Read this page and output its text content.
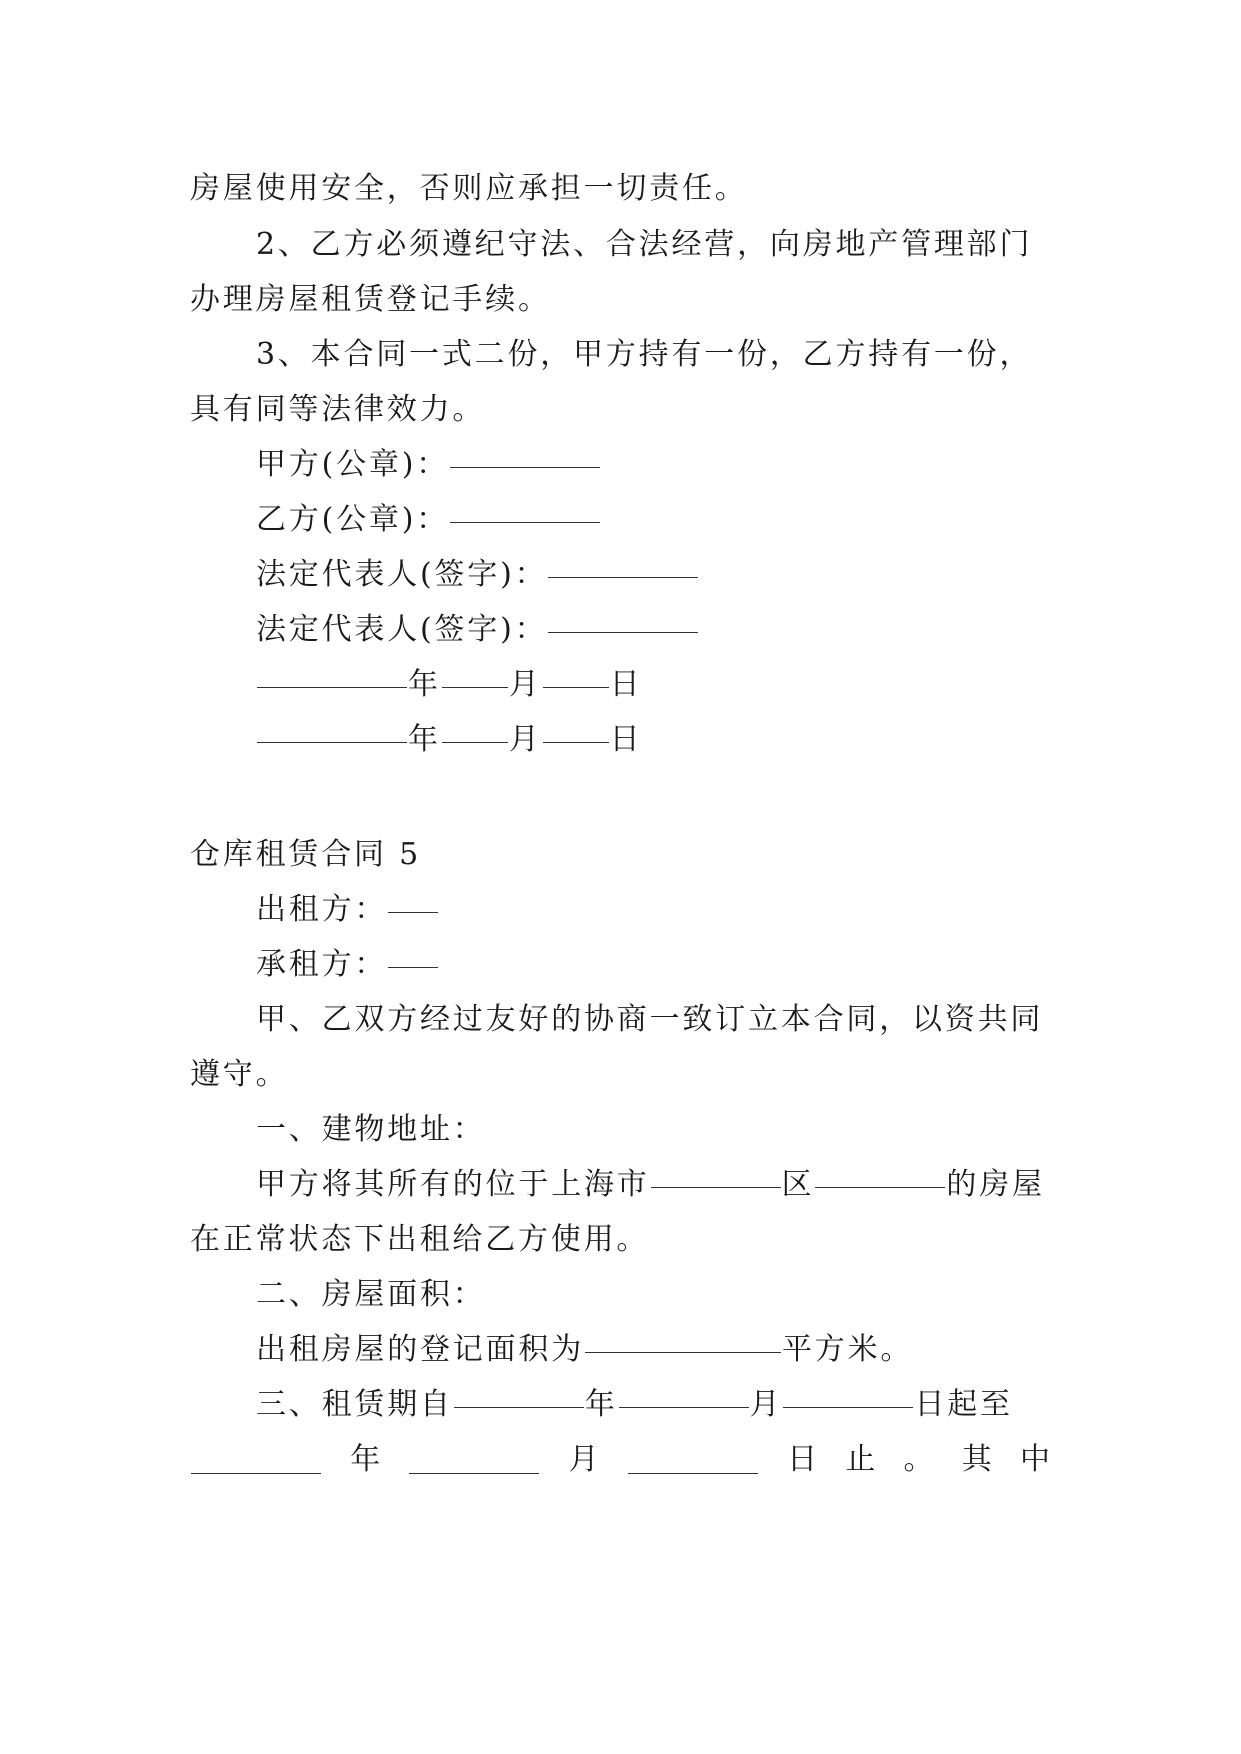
房屋使用安全，否则应承担一切责任。
2、乙方必须遵纪守法、合法经营，向房地产管理部门
办理房屋租赁登记手续。
3、本合同一式二份，甲方持有一份，乙方持有一份，
具有同等法律效力。
甲方(公章)：
乙方(公章)：
法定代表人(签字)：
法定代表人(签字)：
年 月 日
年 月 日
仓库租赁合同 5
出租方：
承租方：
甲、乙双方经过友好的协商一致订立本合同，以资共同
遵守。
一、建物地址：
甲方将其所有的位于上海市	区	的房屋
在正常状态下出租给乙方使用。
二、房屋面积：
出租房屋的登记面积为	平方米。
三、租赁期自	年	月	日起至
年	月	日 止 。 其 中
